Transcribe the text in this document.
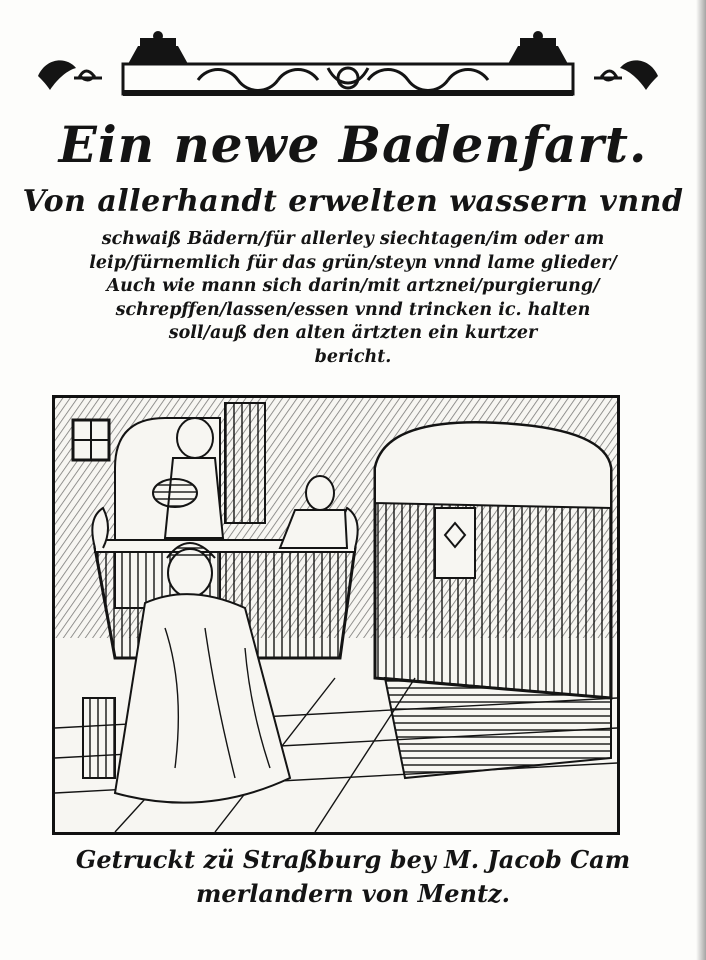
Ein newe Badenfart.
Von allerhandt erwelten wassern vnnd
schwaiß Bädern/für allerley siechtagen/im oder am
leip/fürnemlich für das grün/steyn vnnd lame glieder/
Auch wie mann sich darin/mit artznei/purgierung/
schrepffen/lassen/essen vnnd trincken ic. halten
soll/auß den alten ärtzten ein kurtzer
bericht.
Getruckt zü Straßburg bey M. Jacob Cam
merlandern von Mentz.
